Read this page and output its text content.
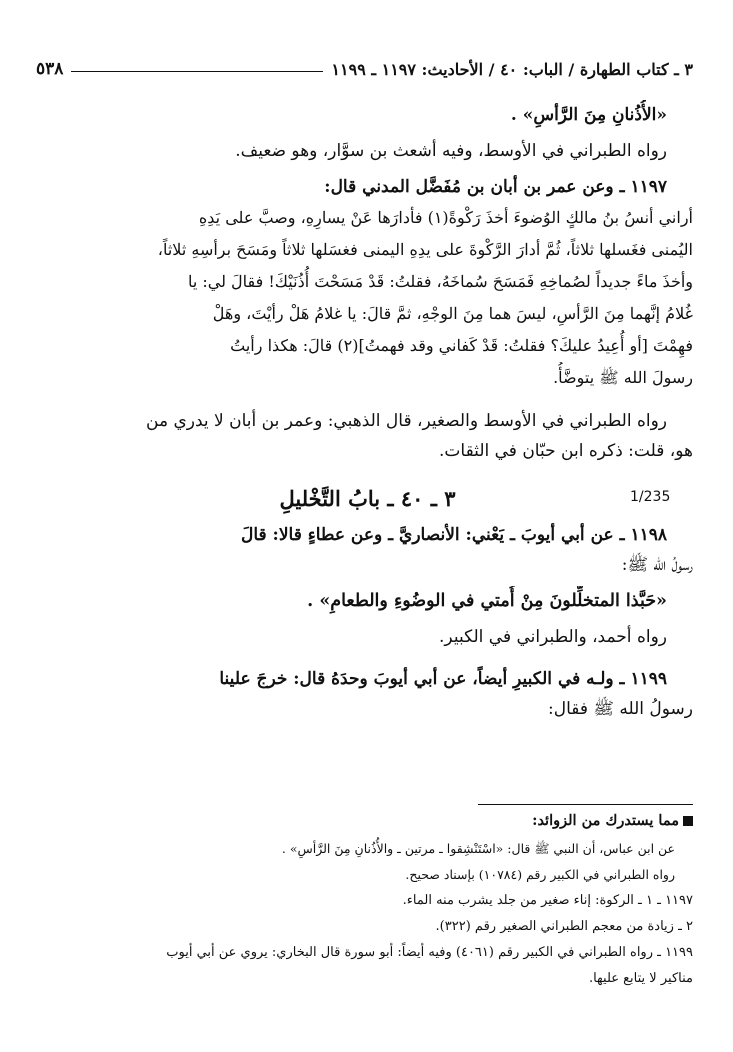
٣ ـ كتاب الطهارة / الباب: ٤٠ / الأحاديث: ١١٩٧ ـ ١١٩٩
٥٣٨

«الأُذُنانِ مِنَ الرَّأسِ» .

رواه الطبراني في الأوسط، وفيه أشعث بن سوَّار، وهو ضعيف.

١١٩٧ ـ وعن عمر بن أبان بن مُفَضَّل المدني قال:

أراني أنسُ بنُ مالكٍ الوُضوءَ أخذَ رَكْوةً(١) فأدارَها عَنْ يسارِهِ، وصبَّ على يَدِهِ

اليُمنى فغَسلها ثلاثاً، ثُمَّ أدارَ الرَّكْوةَ على يدِهِ اليمنى فغسَلها ثلاثاً ومَسَحَ برأسِهِ ثلاثاً،

وأخذَ ماءً جديداً لصُماخِهِ فَمَسَحَ سُماخَهُ، فقلتُ: قَدْ مَسَحْتَ أُذُنَيْكَ! فقالَ لي: يا

غُلامُ إنَّهما مِنَ الرَّأسِ، ليسَ هما مِنَ الوجْهِ، ثمَّ قالَ: يا غلامُ هَلْ رأيْتَ، وهَلْ

فهِمْتَ [أو أُعِيدُ عليكَ؟ فقلتُ: قَدْ كَفاني وقد فهمتُ](٢) قالَ: هكذا رأيتُ

رسولَ الله ﷺ يتوضَّأُ.

رواه الطبراني في الأوسط والصغير، قال الذهبي: وعمر بن أبان لا يدري من

هو، قلت: ذكره ابن حبّان في الثقات.

٣ ـ ٤٠ ـ بابُ التَّخْليلِ

١١٩٨ ـ عن أبي أيوبَ ـ يَعْني: الأنصاريَّ ـ وعن عطاءٍ قالا: قالَ

رسولُ الله ﷺ:

«حَبَّذا المتخلِّلونَ مِنْ أُمتي في الوضُوءِ والطعامِ» .

رواه أحمد، والطبراني في الكبير.

١١٩٩ ـ ولـه في الكبيرِ أيضاً، عن أبي أيوبَ وحدَهُ قال: خرجَ علينا

رسولُ الله ﷺ فقال:

1/235

مما يستدرك من الزوائد:

عن ابن عباس، أن النبي ﷺ قال: «اسْتَنْشِقوا ـ مرتين ـ والأُذُنانِ مِنَ الرَّأسِ» .

رواه الطبراني في الكبير رقم (١٠٧٨٤) بإسناد صحيح.

١١٩٧ ـ ١ ـ الركوة: إناء صغير من جلد يشرب منه الماء.

٢ ـ زيادة من معجم الطبراني الصغير رقم (٣٢٢).

١١٩٩ ـ رواه الطبراني في الكبير رقم (٤٠٦١) وفيه أيضاً: أبو سورة قال البخاري: يروي عن أبي أيوب

مناكير لا يتابع عليها.
